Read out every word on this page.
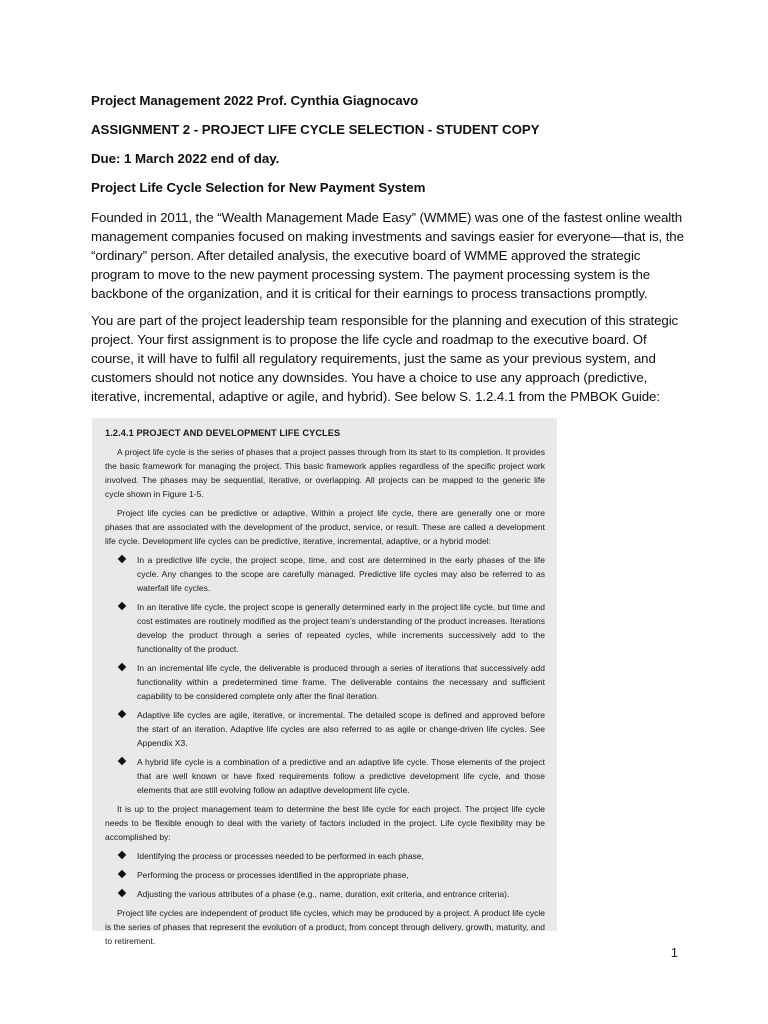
Project Management 2022 Prof. Cynthia Giagnocavo

ASSIGNMENT 2 - PROJECT LIFE CYCLE SELECTION - STUDENT COPY

Due: 1 March 2022 end of day.

Project Life Cycle Selection for New Payment System

Founded in 2011, the “Wealth Management Made Easy” (WMME) was one of the fastest online wealth management companies focused on making investments and savings easier for everyone—that is, the “ordinary” person. After detailed analysis, the executive board of WMME approved the strategic program to move to the new payment processing system. The payment processing system is the backbone of the organization, and it is critical for their earnings to process transactions promptly.

You are part of the project leadership team responsible for the planning and execution of this strategic project. Your first assignment is to propose the life cycle and roadmap to the executive board. Of course, it will have to fulfil all regulatory requirements, just the same as your previous system, and customers should not notice any downsides. You have a choice to use any approach (predictive, iterative, incremental, adaptive or agile, and hybrid). See below S. 1.2.4.1 from the PMBOK Guide:

1.2.4.1 PROJECT AND DEVELOPMENT LIFE CYCLES

A project life cycle is the series of phases that a project passes through from its start to its completion. It provides the basic framework for managing the project. This basic framework applies regardless of the specific project work involved. The phases may be sequential, iterative, or overlapping. All projects can be mapped to the generic life cycle shown in Figure 1-5.

Project life cycles can be predictive or adaptive. Within a project life cycle, there are generally one or more phases that are associated with the development of the product, service, or result. These are called a development life cycle. Development life cycles can be predictive, iterative, incremental, adaptive, or a hybrid model:

In a predictive life cycle, the project scope, time, and cost are determined in the early phases of the life cycle. Any changes to the scope are carefully managed. Predictive life cycles may also be referred to as waterfall life cycles.
In an iterative life cycle, the project scope is generally determined early in the project life cycle, but time and cost estimates are routinely modified as the project team’s understanding of the product increases. Iterations develop the product through a series of repeated cycles, while increments successively add to the functionality of the product.
In an incremental life cycle, the deliverable is produced through a series of iterations that successively add functionality within a predetermined time frame. The deliverable contains the necessary and sufficient capability to be considered complete only after the final iteration.
Adaptive life cycles are agile, iterative, or incremental. The detailed scope is defined and approved before the start of an iteration. Adaptive life cycles are also referred to as agile or change-driven life cycles. See Appendix X3.
A hybrid life cycle is a combination of a predictive and an adaptive life cycle. Those elements of the project that are well known or have fixed requirements follow a predictive development life cycle, and those elements that are still evolving follow an adaptive development life cycle.

It is up to the project management team to determine the best life cycle for each project. The project life cycle needs to be flexible enough to deal with the variety of factors included in the project. Life cycle flexibility may be accomplished by:

Identifying the process or processes needed to be performed in each phase,
Performing the process or processes identified in the appropriate phase,
Adjusting the various attributes of a phase (e.g., name, duration, exit criteria, and entrance criteria).

Project life cycles are independent of product life cycles, which may be produced by a project. A product life cycle is the series of phases that represent the evolution of a product, from concept through delivery, growth, maturity, and to retirement.

1
